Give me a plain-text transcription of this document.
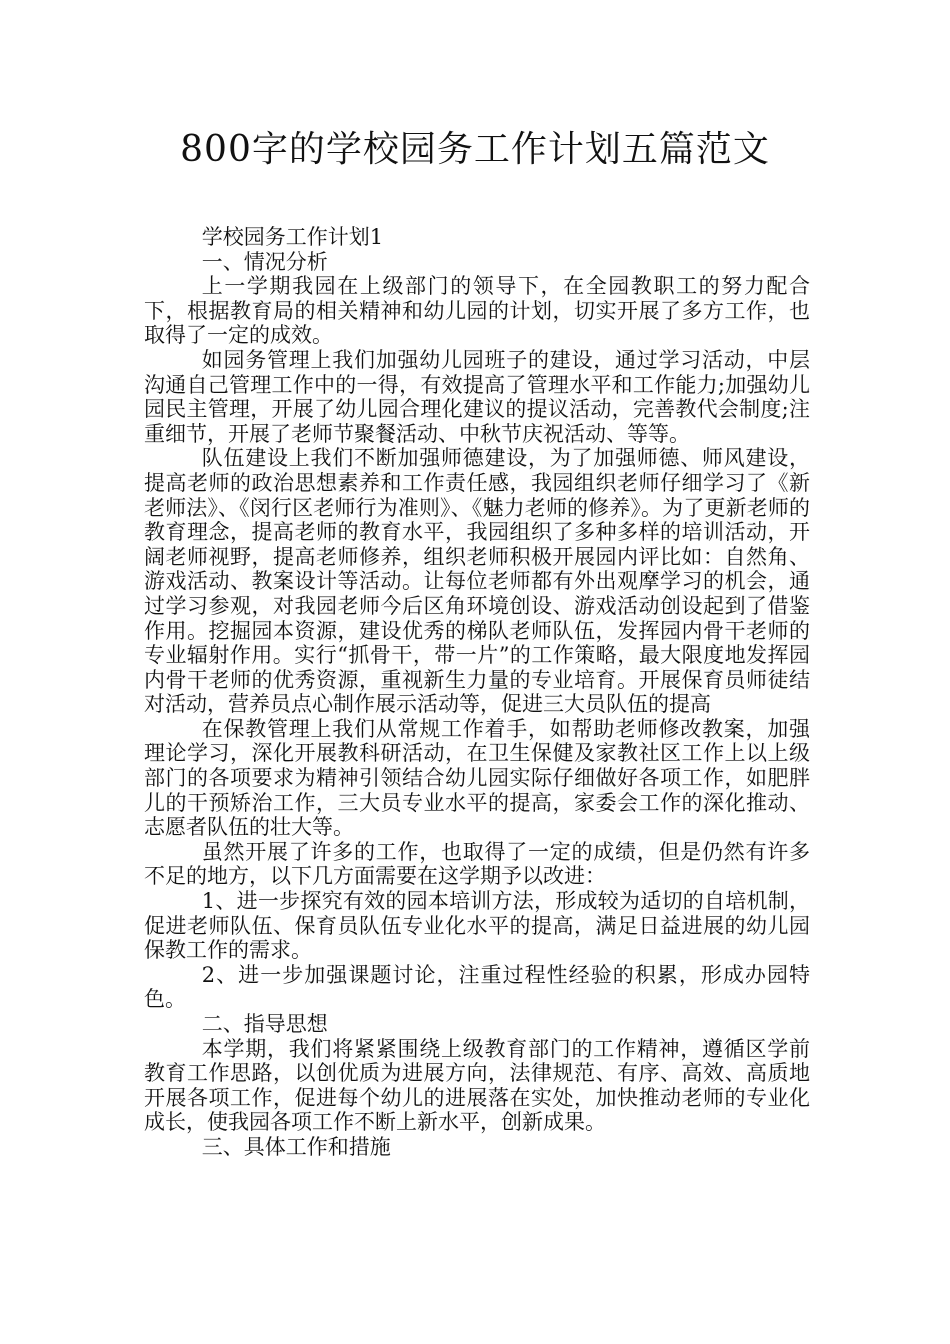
800字的学校园务工作计划五篇范文

学校园务工作计划1

一、情况分析

上一学期我园在上级部门的领导下，在全园教职工的努力配合下，根据教育局的相关精神和幼儿园的计划，切实开展了多方工作，也取得了一定的成效。

如园务管理上我们加强幼儿园班子的建设，通过学习活动，中层沟通自己管理工作中的一得，有效提高了管理水平和工作能力;加强幼儿园民主管理，开展了幼儿园合理化建议的提议活动，完善教代会制度;注重细节，开展了老师节聚餐活动、中秋节庆祝活动、等等。

队伍建设上我们不断加强师德建设，为了加强师德、师风建设，提高老师的政治思想素养和工作责任感，我园组织老师仔细学习了《新老师法》、《闵行区老师行为准则》、《魅力老师的修养》。为了更新老师的教育理念，提高老师的教育水平，我园组织了多种多样的培训活动，开阔老师视野，提高老师修养，组织老师积极开展园内评比如：自然角、游戏活动、教案设计等活动。让每位老师都有外出观摩学习的机会，通过学习参观，对我园老师今后区角环境创设、游戏活动创设起到了借鉴作用。挖掘园本资源，建设优秀的梯队老师队伍，发挥园内骨干老师的专业辐射作用。实行“抓骨干，带一片”的工作策略，最大限度地发挥园内骨干老师的优秀资源，重视新生力量的专业培育。开展保育员师徒结对活动，营养员点心制作展示活动等，促进三大员队伍的提高

在保教管理上我们从常规工作着手，如帮助老师修改教案，加强理论学习，深化开展教科研活动，在卫生保健及家教社区工作上以上级部门的各项要求为精神引领结合幼儿园实际仔细做好各项工作，如肥胖儿的干预矫治工作，三大员专业水平的提高，家委会工作的深化推动、志愿者队伍的壮大等。

虽然开展了许多的工作，也取得了一定的成绩，但是仍然有许多不足的地方，以下几方面需要在这学期予以改进：

1、进一步探究有效的园本培训方法，形成较为适切的自培机制，促进老师队伍、保育员队伍专业化水平的提高，满足日益进展的幼儿园保教工作的需求。

2、进一步加强课题讨论，注重过程性经验的积累，形成办园特色。

二、指导思想

本学期，我们将紧紧围绕上级教育部门的工作精神，遵循区学前教育工作思路，以创优质为进展方向，法律规范、有序、高效、高质地开展各项工作，促进每个幼儿的进展落在实处，加快推动老师的专业化成长，使我园各项工作不断上新水平，创新成果。

三、具体工作和措施
